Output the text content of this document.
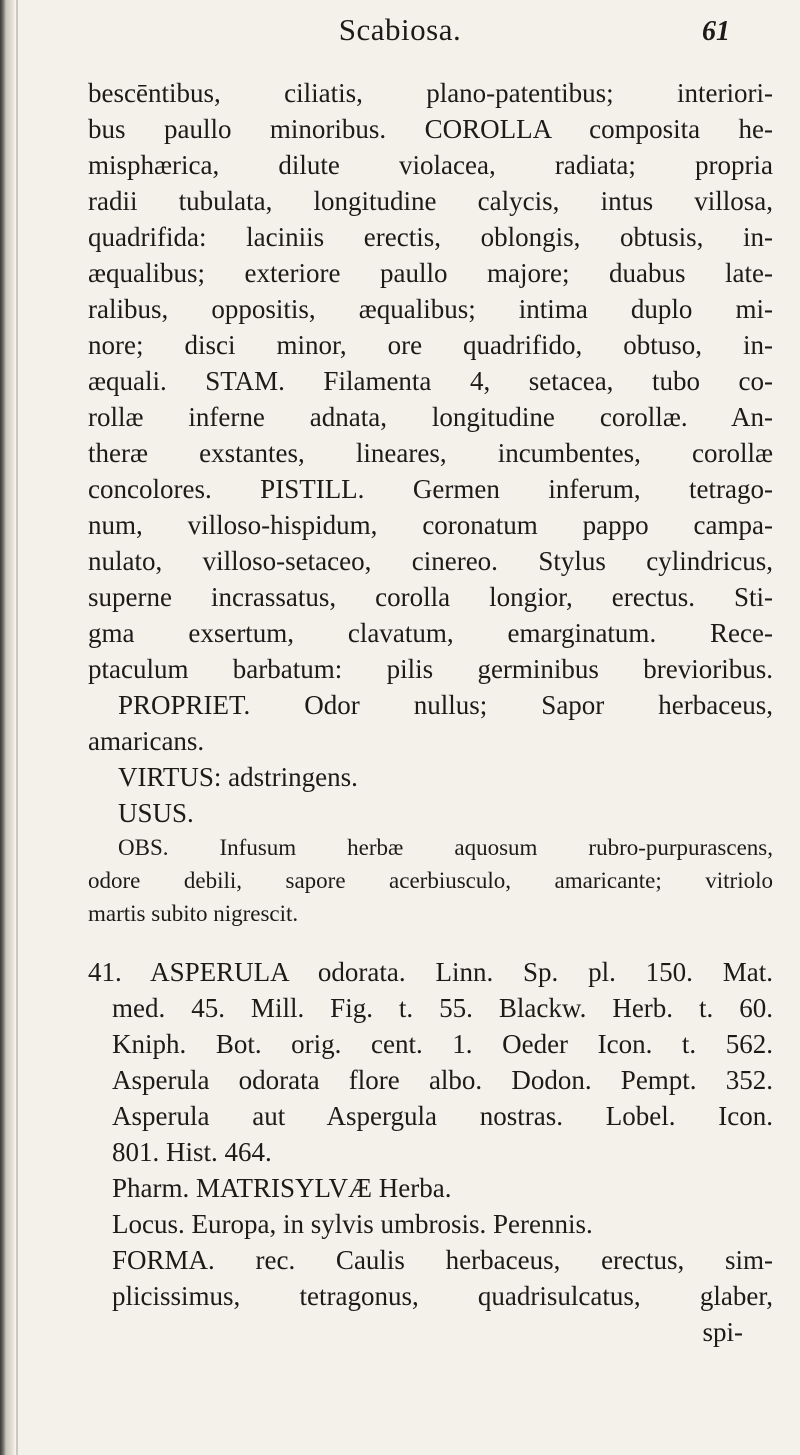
Scabiosa.	61
bescēntibus, ciliatis, plano-patentibus; interiori-
bus paullo minoribus. COROLLA composita he-
misphærica, dilute violacea, radiata; propria
radii tubulata, longitudine calycis, intus villosa,
quadrifida: laciniis erectis, oblongis, obtusis, in-
æqualibus; exteriore paullo majore; duabus late-
ralibus, oppositis, æqualibus; intima duplo mi-
nore; disci minor, ore quadrifido, obtuso, in-
æquali. STAM. Filamenta 4, setacea, tubo co-
rollæ inferne adnata, longitudine corollæ. An-
theræ exstantes, lineares, incumbentes, corollæ
concolores. PISTILL. Germen inferum, tetrago-
num, villoso-hispidum, coronatum pappo campa-
nulato, villoso-setaceo, cinereo. Stylus cylindricus,
superne incrassatus, corolla longior, erectus. Sti-
gma exsertum, clavatum, emarginatum. Rece-
ptaculum barbatum: pilis germinibus brevioribus.
PROPRIET. Odor nullus; Sapor herbaceus,
amaricans.
VIRTUS: adstringens.
USUS.
OBS. Infusum herbæ aquosum rubro-purpurascens,
odore debili, sapore acerbiusculo, amaricante; vitriolo
martis subito nigrescit.
41. ASPERULA odorata. Linn. Sp. pl. 150. Mat.
med. 45. Mill. Fig. t. 55. Blackw. Herb. t. 60.
Kniph. Bot. orig. cent. 1. Oeder Icon. t. 562.
Asperula odorata flore albo. Dodon. Pempt. 352.
Asperula aut Aspergula nostras. Lobel. Icon.
801. Hist. 464.
Pharm. MATRISYLVÆ Herba.
Locus. Europa, in sylvis umbrosis. Perennis.
FORMA. rec. Caulis herbaceus, erectus, sim-
plicissimus, tetragonus, quadrisulcatus, glaber,
spi-
